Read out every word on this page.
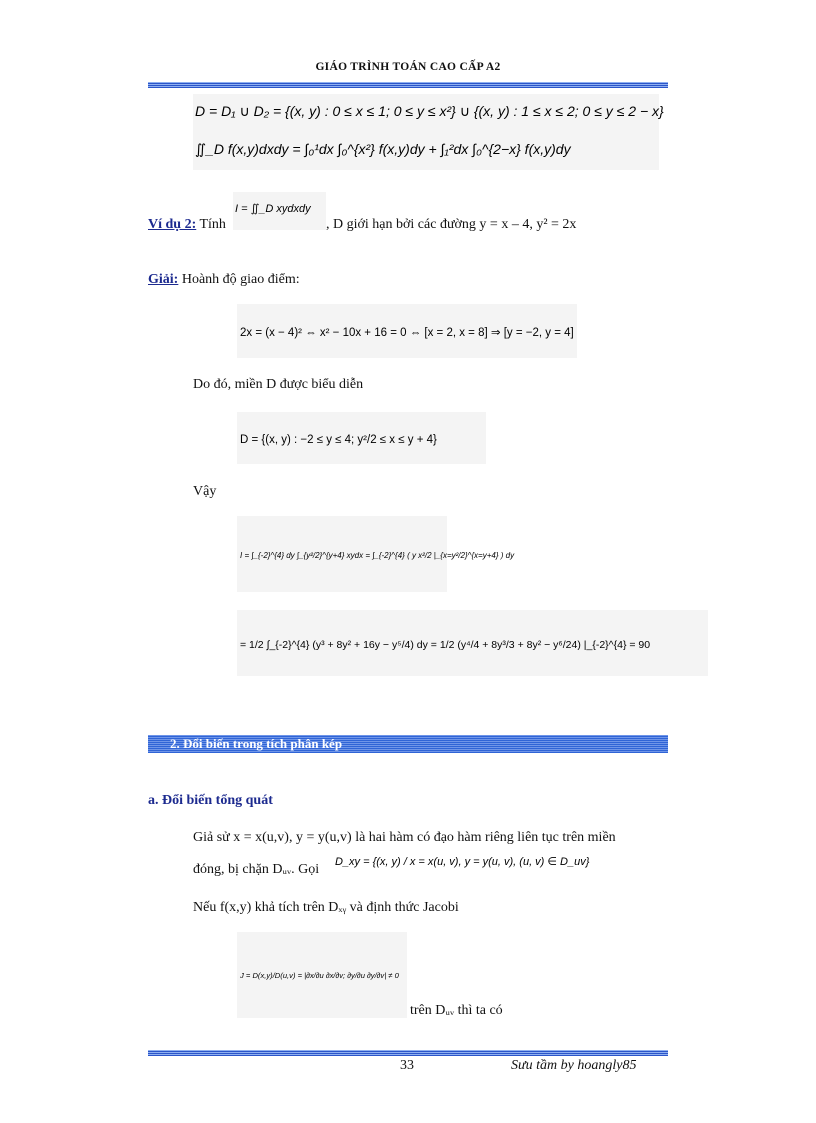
GIÁO TRÌNH TOÁN CAO CẤP A2
D = D₁ ∪ D₂ = {(x, y) : 0 ≤ x ≤ 1; 0 ≤ y ≤ x²} ∪ {(x, y) : 1 ≤ x ≤ 2; 0 ≤ y ≤ 2 − x}
∬_D f(x,y)dxdy = ∫₀¹dx ∫₀^{x²} f(x,y)dy + ∫₁²dx ∫₀^{2−x} f(x,y)dy
Ví dụ 2: Tính
I = ∬_D xydxdy
, D giới hạn bởi các đường y = x – 4, y² = 2x
Giải: Hoành độ giao điểm:
2x = (x − 4)² ⇔ x² − 10x + 16 = 0 ⇔ [x = 2, x = 8] ⇒ [y = −2, y = 4]
Do đó, miền D được biểu diễn
D = {(x, y) : −2 ≤ y ≤ 4; y²/2 ≤ x ≤ y + 4}
Vậy
I = ∫_{-2}^{4} dy ∫_{y²/2}^{y+4} xydx = ∫_{-2}^{4} ( y x²/2 |_{x=y²/2}^{x=y+4} ) dy
= 1/2 ∫_{-2}^{4} (y³ + 8y² + 16y − y⁵/4) dy = 1/2 (y⁴/4 + 8y³/3 + 8y² − y⁶/24) |_{-2}^{4} = 90
2. Đổi biến trong tích phân kép
a. Đổi biến tổng quát
Giả sử x = x(u,v), y = y(u,v) là hai hàm có đạo hàm riêng liên tục trên miền
đóng, bị chặn Dᵤᵥ. Gọi D_xy = {(x, y) / x = x(u, v), y = y(u, v), (u, v) ∈ D_uv}
Nếu f(x,y) khả tích trên Dₓᵧ và định thức Jacobi
J = D(x,y)/D(u,v) = |∂x/∂u ∂x/∂v; ∂y/∂u ∂y/∂v| ≠ 0
trên Dᵤᵥ thì ta có
33	Sưu tầm by hoangly85
